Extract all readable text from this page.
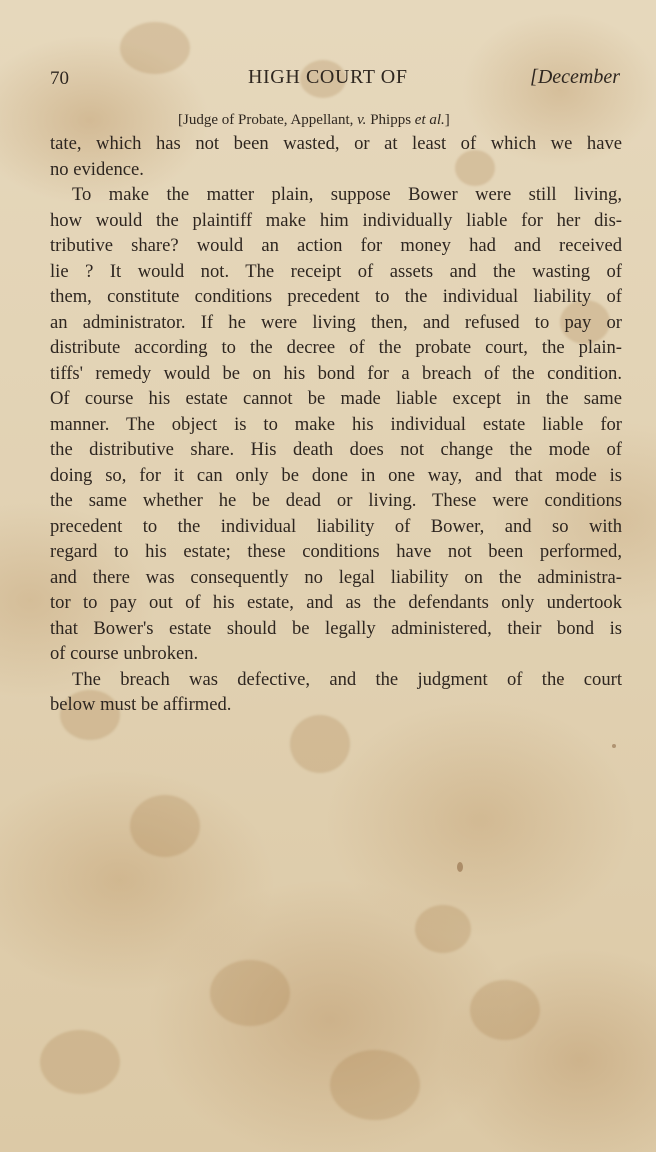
70	HIGH COURT OF	[December
[Judge of Probate, Appellant, v. Phipps et al.]
tate, which has not been wasted, or at least of which we have
no evidence.
To make the matter plain, suppose Bower were still living,
how would the plaintiff make him individually liable for her dis-
tributive share? would an action for money had and received
lie ? It would not. The receipt of assets and the wasting of
them, constitute conditions precedent to the individual liability of
an administrator. If he were living then, and refused to pay or
distribute according to the decree of the probate court, the plain-
tiffs' remedy would be on his bond for a breach of the condition.
Of course his estate cannot be made liable except in the same
manner. The object is to make his individual estate liable for
the distributive share. His death does not change the mode of
doing so, for it can only be done in one way, and that mode is
the same whether he be dead or living. These were conditions
precedent to the individual liability of Bower, and so with
regard to his estate; these conditions have not been performed,
and there was consequently no legal liability on the administra-
tor to pay out of his estate, and as the defendants only undertook
that Bower's estate should be legally administered, their bond is
of course unbroken.
The breach was defective, and the judgment of the court
below must be affirmed.
